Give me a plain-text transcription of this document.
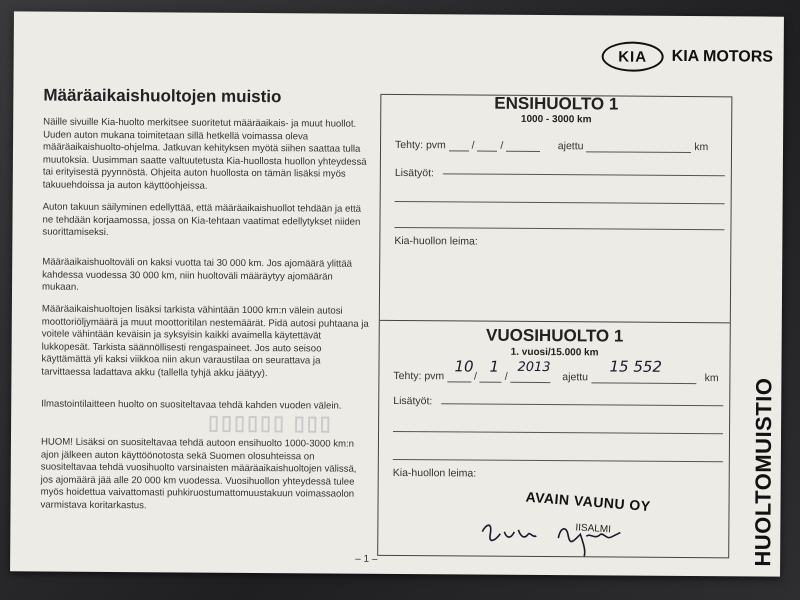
KIA	KIA MOTORS
Määräaikaishuoltojen muistio

Näille sivuille Kia-huolto merkitsee suoritetut määräaikais- ja muut huollot. Uuden auton mukana toimitetaan sillä hetkellä voimassa oleva määräaikaishuolto-ohjelma. Jatkuvan kehityksen myötä siihen saattaa tulla muutoksia. Uusimman saatte valtuutetusta Kia-huollosta huollon yhteydessä tai erityisestä pyynnöstä. Ohjeita auton huollosta on tämän lisäksi myös takuuehdoissa ja auton käyttöohjeissa.

Auton takuun säilyminen edellyttää, että määräaikaishuollot tehdään ja että ne tehdään korjaamossa, jossa on Kia-tehtaan vaatimat edellytykset niiden suorittamiseksi.

Määräaikaishuoltoväli on kaksi vuotta tai 30 000 km. Jos ajomäärä ylittää kahdessa vuodessa 30 000 km, niin huoltoväli määräytyy ajomäärän mukaan.

Määräaikaishuoltojen lisäksi tarkista vähintään 1000 km:n välein autosi moottoriöljymäärä ja muut moottoritilan nestemäärät. Pidä autosi puhtaana ja voitele vähintään keväisin ja syksyisin kaikki avaimella käytettävät lukkopesät. Tarkista säännöllisesti rengaspaineet. Jos auto seisoo käyttämättä yli kaksi viikkoa niin akun varaustilaa on seurattava ja tarvittaessa ladattava akku (tallella tyhjä akku jäätyy).

Ilmastointilaitteen huolto on suositeltavaa tehdä kahden vuoden välein.

HUOM! Lisäksi on suositeltavaa tehdä autoon ensihuolto 1000-3000 km:n ajon jälkeen auton käyttöönotosta sekä Suomen olosuhteissa on suositeltavaa tehdä vuosihuolto varsinaisten määräaikaishuoltojen välissä, jos ajomäärä jää alle 20 000 km vuodessa. Vuosihuollon yhteydessä tulee myös hoidettua vaivattomasti puhkiruostumattomuustakuun voimassaolon varmistava koritarkastus.

▯▯▯ ▯▯▯▯▯▯
– 1 –
ENSIHUOLTO 1
1000 - 3000 km
Tehty: pvm  /  /	ajettu	km
Lisätyöt:
Kia-huollon leima:
VUOSIHUOLTO 1
1. vuosi/15.000 km
Tehty: pvm	/  /	ajettu	km
10 1 2013	15 552
Lisätyöt:
Kia-huollon leima:
AVAIN VAUNU OY
IISALMI	HUOLTOMUISTIO
